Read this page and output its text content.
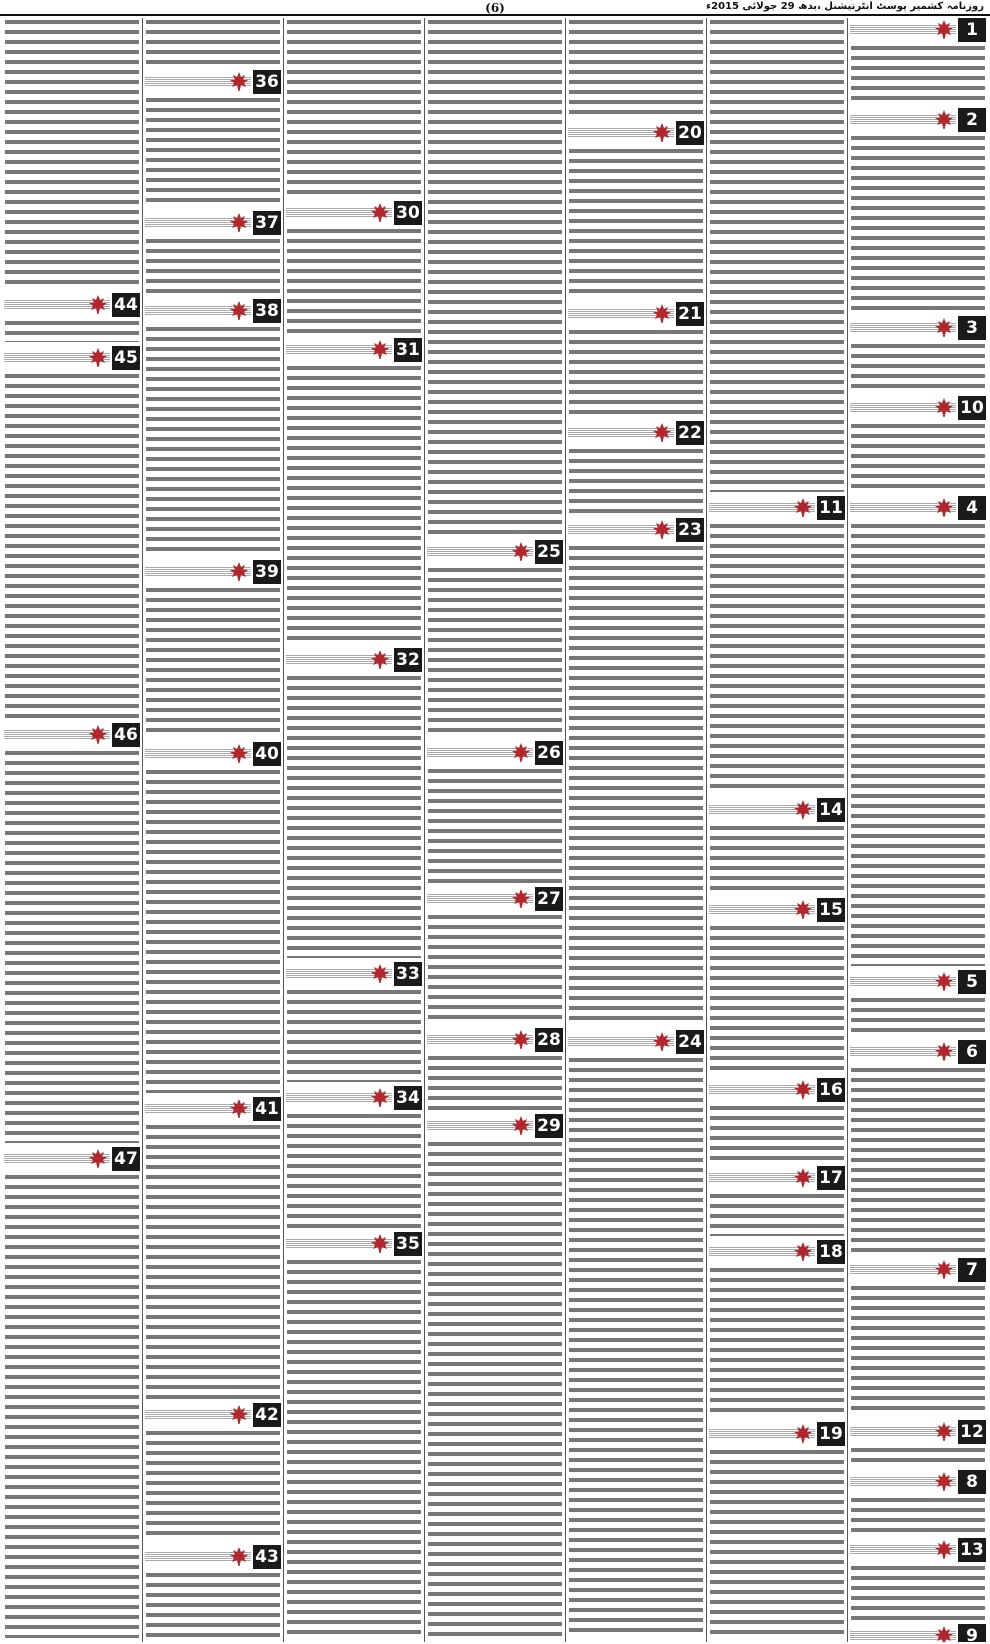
(6)	روزنامہ کشمیر پوسٹ انٹرنیشنل ،بدھ 29 جولائی 2015ء
1
2
3
10
4
5
6
7
12
8
13
9
11
14
15
16
17
18
19
20
21
22
23
24
25
26
27
28
29
30
31
32
33
34
35
36
37
38
39
40
41
42
43
44
45
46
47
